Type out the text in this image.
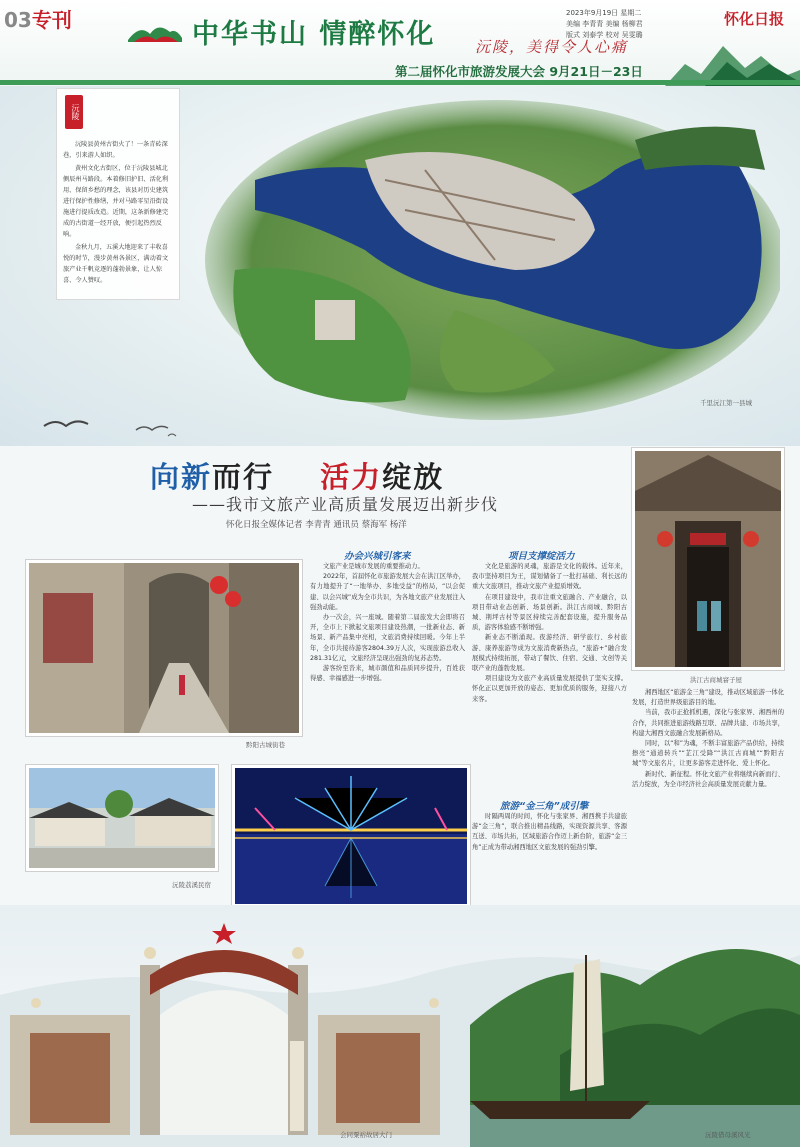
03专刊	中华书山 情醉怀化	沅陵，美得令人心痛
第二届怀化市旅游发展大会 9月21日－23日
2023年9月19日 星期二
美编 李青青 美编 杨柳君
版式 刘泰学 校对 吴雯璐
怀化日报
沅陵

沅陵县黄州古街火了！一条青砖深巷，引来游人如织。

黄州文化古街区，位于沅陵县城北侧辰州马路段。本着修旧护旧、活化利用、保留乡愁的理念，该县对历史建筑进行保护性修缮，并对马路零星沿街设施进行提质改造。近期，这条新修建完成的古街道一经开放，便引起热烈反响。

金秋九月，五溪大地迎来了丰收喜悦的时节，漫步黄州各景区，满动着文旅产业千帆竞逐的蓬勃景象，让人惊喜、令人赞叹。

千里沅江第一县城
向新而行 活力绽放
——我市文旅产业高质量发展迈出新步伐
怀化日报全媒体记者 李青青 通讯员 蔡海军 杨洋
洪江古商城窨子屋
黔阳古城街巷
沅陵荔溪民宿
办会兴城引客来

文旅产业是城市发展的重要推动力。

2022年，首届怀化市旅游发展大会在洪江区举办，有力地提升了“一地举办、多地受益”的格局，“以会促建、以会兴城”成为全市共识，为各地文旅产业发展注入强劲动能。

办一次会，兴一座城。随着第二届旅发大会即将召开，全市上下掀起文旅项目建设热潮，一批新业态、新场景、新产品集中亮相，文旅消费持续回暖。今年上半年，全市共接待游客2804.39万人次，实现旅游总收入281.31亿元，文旅经济呈现出强劲的复苏态势。

游客纷至沓来，城市颜值和品质同步提升，百姓获得感、幸福感进一步增强。

项目支撑绽活力

文化是旅游的灵魂，旅游是文化的载体。近年来，我市坚持项目为王，谋划储备了一批打基础、利长远的重大文旅项目，推动文旅产业提质增效。

在项目建设中，我市注重文旅融合、产业融合，以项目带动业态创新、场景创新。洪江古商城、黔阳古城、荆坪古村等景区持续完善配套设施，提升服务品质，游客体验感不断增强。

新业态不断涌现。夜游经济、研学旅行、乡村旅游、康养旅游等成为文旅消费新热点，“旅游+”融合发展模式持续拓展，带动了餐饮、住宿、交通、文创等关联产业的蓬勃发展。

项目建设为文旅产业高质量发展提供了坚实支撑。怀化正以更加开放的姿态、更加优质的服务，迎接八方来客。

旅游“金三角”成引擎

时隔两周的时间，怀化与张家界、湘西携手共建旅游“金三角”，联合推出精品线路，实现资源共享、客源互送、市场共拓，区域旅游合作迈上新台阶，旅游“金三角”正成为带动湘西地区文旅发展的强劲引擎。

湘西地区“旅游金三角”建设，推动区域旅游一体化发展，打造世界级旅游目的地。

当前，我市正抢抓机遇，深化与张家界、湘西州的合作，共同推进旅游线路互联、品牌共建、市场共享，构建大湘西文旅融合发展新格局。

同时，以“和”为魂，不断丰富旅游产品供给，持续擦亮“通道转兵”“芷江受降”“洪江古商城”“黔阳古城”等文旅名片，让更多游客走进怀化、爱上怀化。

新时代、新征程。怀化文旅产业将继续向新而行、活力绽放，为全市经济社会高质量发展贡献力量。

会同粟裕故居大门	沅陵借母溪风光
